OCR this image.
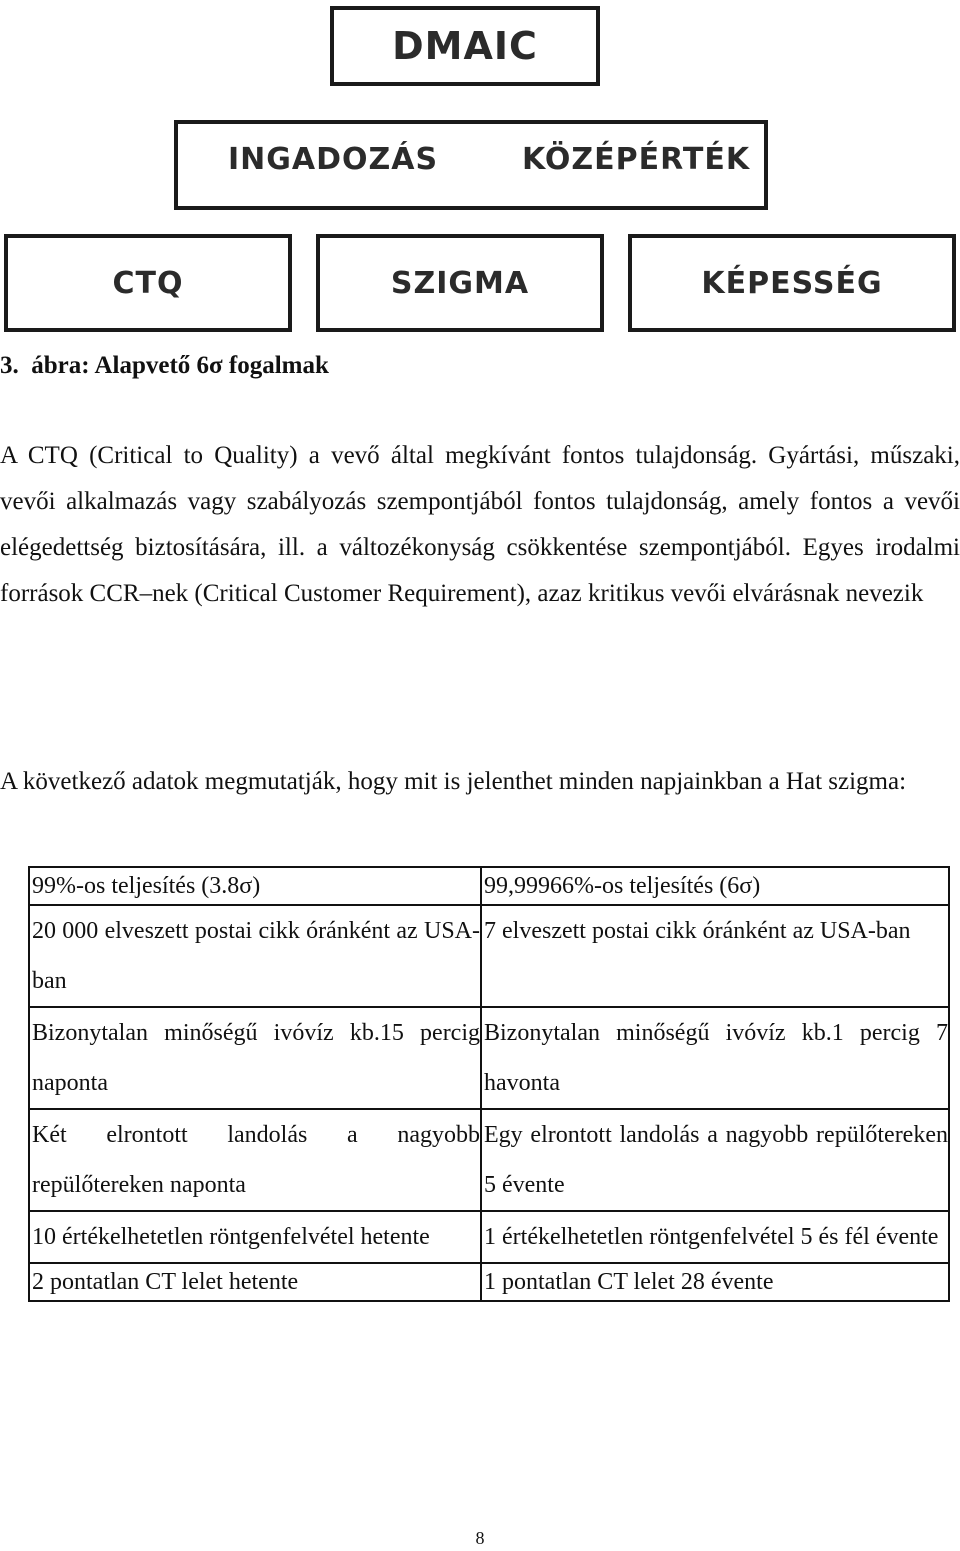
DMAIC
INGADOZÁS	KÖZÉPÉRTÉK
CTQ	SZIGMA	KÉPESSÉG
3.  ábra: Alapvető 6σ fogalmak
A CTQ (Critical to Quality) a vevő által megkívánt fontos tulajdonság. Gyártási, műszaki, vevői alkalmazás vagy szabályozás szempontjából fontos tulajdonság, amely fontos a vevői elégedettség biztosítására, ill. a változékonyság csökkentése szempontjából. Egyes irodalmi források CCR–nek (Critical Customer Requirement), azaz kritikus vevői elvárásnak nevezik
A következő adatok megmutatják, hogy mit is jelenthet minden napjainkban a Hat szigma:
99%-os teljesítés (3.8σ)	99,99966%-os teljesítés (6σ)
20 000 elveszett postai cikk óránként az USA-ban	7 elveszett postai cikk óránként az USA-ban
Bizonytalan minőségű ivóvíz kb.15 percig naponta	Bizonytalan minőségű ivóvíz kb.1 percig 7 havonta
Két elrontott landolás a nagyobb repülőtereken naponta	Egy elrontott landolás a nagyobb repülőtereken 5 évente
10 értékelhetetlen röntgenfelvétel hetente	1 értékelhetetlen röntgenfelvétel 5 és fél évente
2 pontatlan CT lelet hetente	1 pontatlan CT lelet 28 évente
8
